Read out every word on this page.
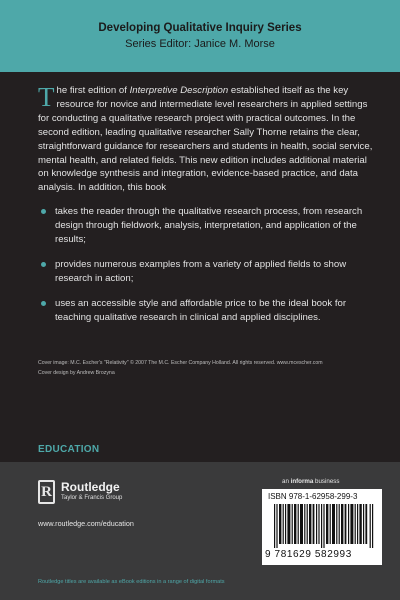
Developing Qualitative Inquiry Series
Series Editor: Janice M. Morse

The first edition of Interpretive Description established itself as the key resource for novice and intermediate level researchers in applied settings for conducting a qualitative research project with practical outcomes. In the second edition, leading qualitative researcher Sally Thorne retains the clear, straightforward guidance for researchers and students in health, social service, mental health, and related fields. This new edition includes additional material on knowledge synthesis and integration, evidence-based practice, and data analysis. In addition, this book

takes the reader through the qualitative research process, from research design through fieldwork, analysis, interpretation, and application of the results;
provides numerous examples from a variety of applied fields to show research in action;
uses an accessible style and affordable price to be the ideal book for teaching qualitative research in clinical and applied disciplines.
Cover image: M.C. Escher's "Relativity" © 2007 The M.C. Escher Company Holland. All rights reserved. www.mcescher.com
Cover design by Andrew Brozyna
EDUCATION
R Routledge
Taylor & Francis Group
www.routledge.com/education
Routledge titles are available as eBook editions in a range of digital formats
an informa business
ISBN 978-1-62958-299-3
9 781629 582993
